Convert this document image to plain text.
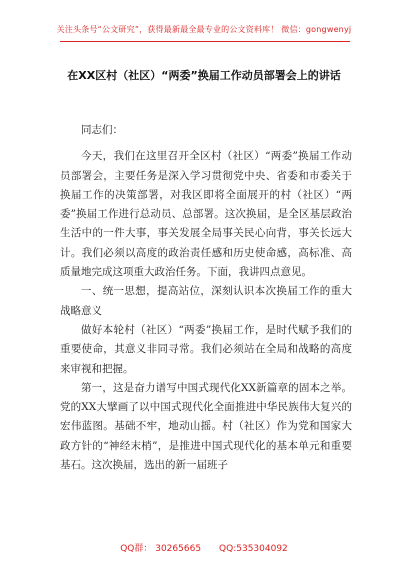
关注头条号“公文研究”，获得最新最全最专业的公文资料库！ 微信：gongwenyj
在XX区村（社区）“两委”换届工作动员部署会上的讲话

同志们：

今天，我们在这里召开全区村（社区）“两委”换届工作动员部署会，主要任务是深入学习贯彻党中央、省委和市委关于换届工作的决策部署，对我区即将全面展开的村（社区）“两委”换届工作进行总动员、总部署。这次换届，是全区基层政治生活中的一件大事，事关发展全局事关民心向背，事关长远大计。我们必须以高度的政治责任感和历史使命感，高标准、高质量地完成这项重大政治任务。下面，我讲四点意见。

一、统一思想，提高站位，深刻认识本次换届工作的重大战略意义

做好本轮村（社区）“两委”换届工作，是时代赋予我们的重要使命，其意义非同寻常。我们必须站在全局和战略的高度来审视和把握。

第一，这是奋力谱写中国式现代化XX新篇章的固本之举。党的XX大擘画了以中国式现代化全面推进中华民族伟大复兴的宏伟蓝图。基础不牢，地动山摇。村（社区）作为党和国家大政方针的“神经末梢”，是推进中国式现代化的基本单元和重要基石。这次换届，选出的新一届班子

QQ群： 30265665 QQ:535304092
